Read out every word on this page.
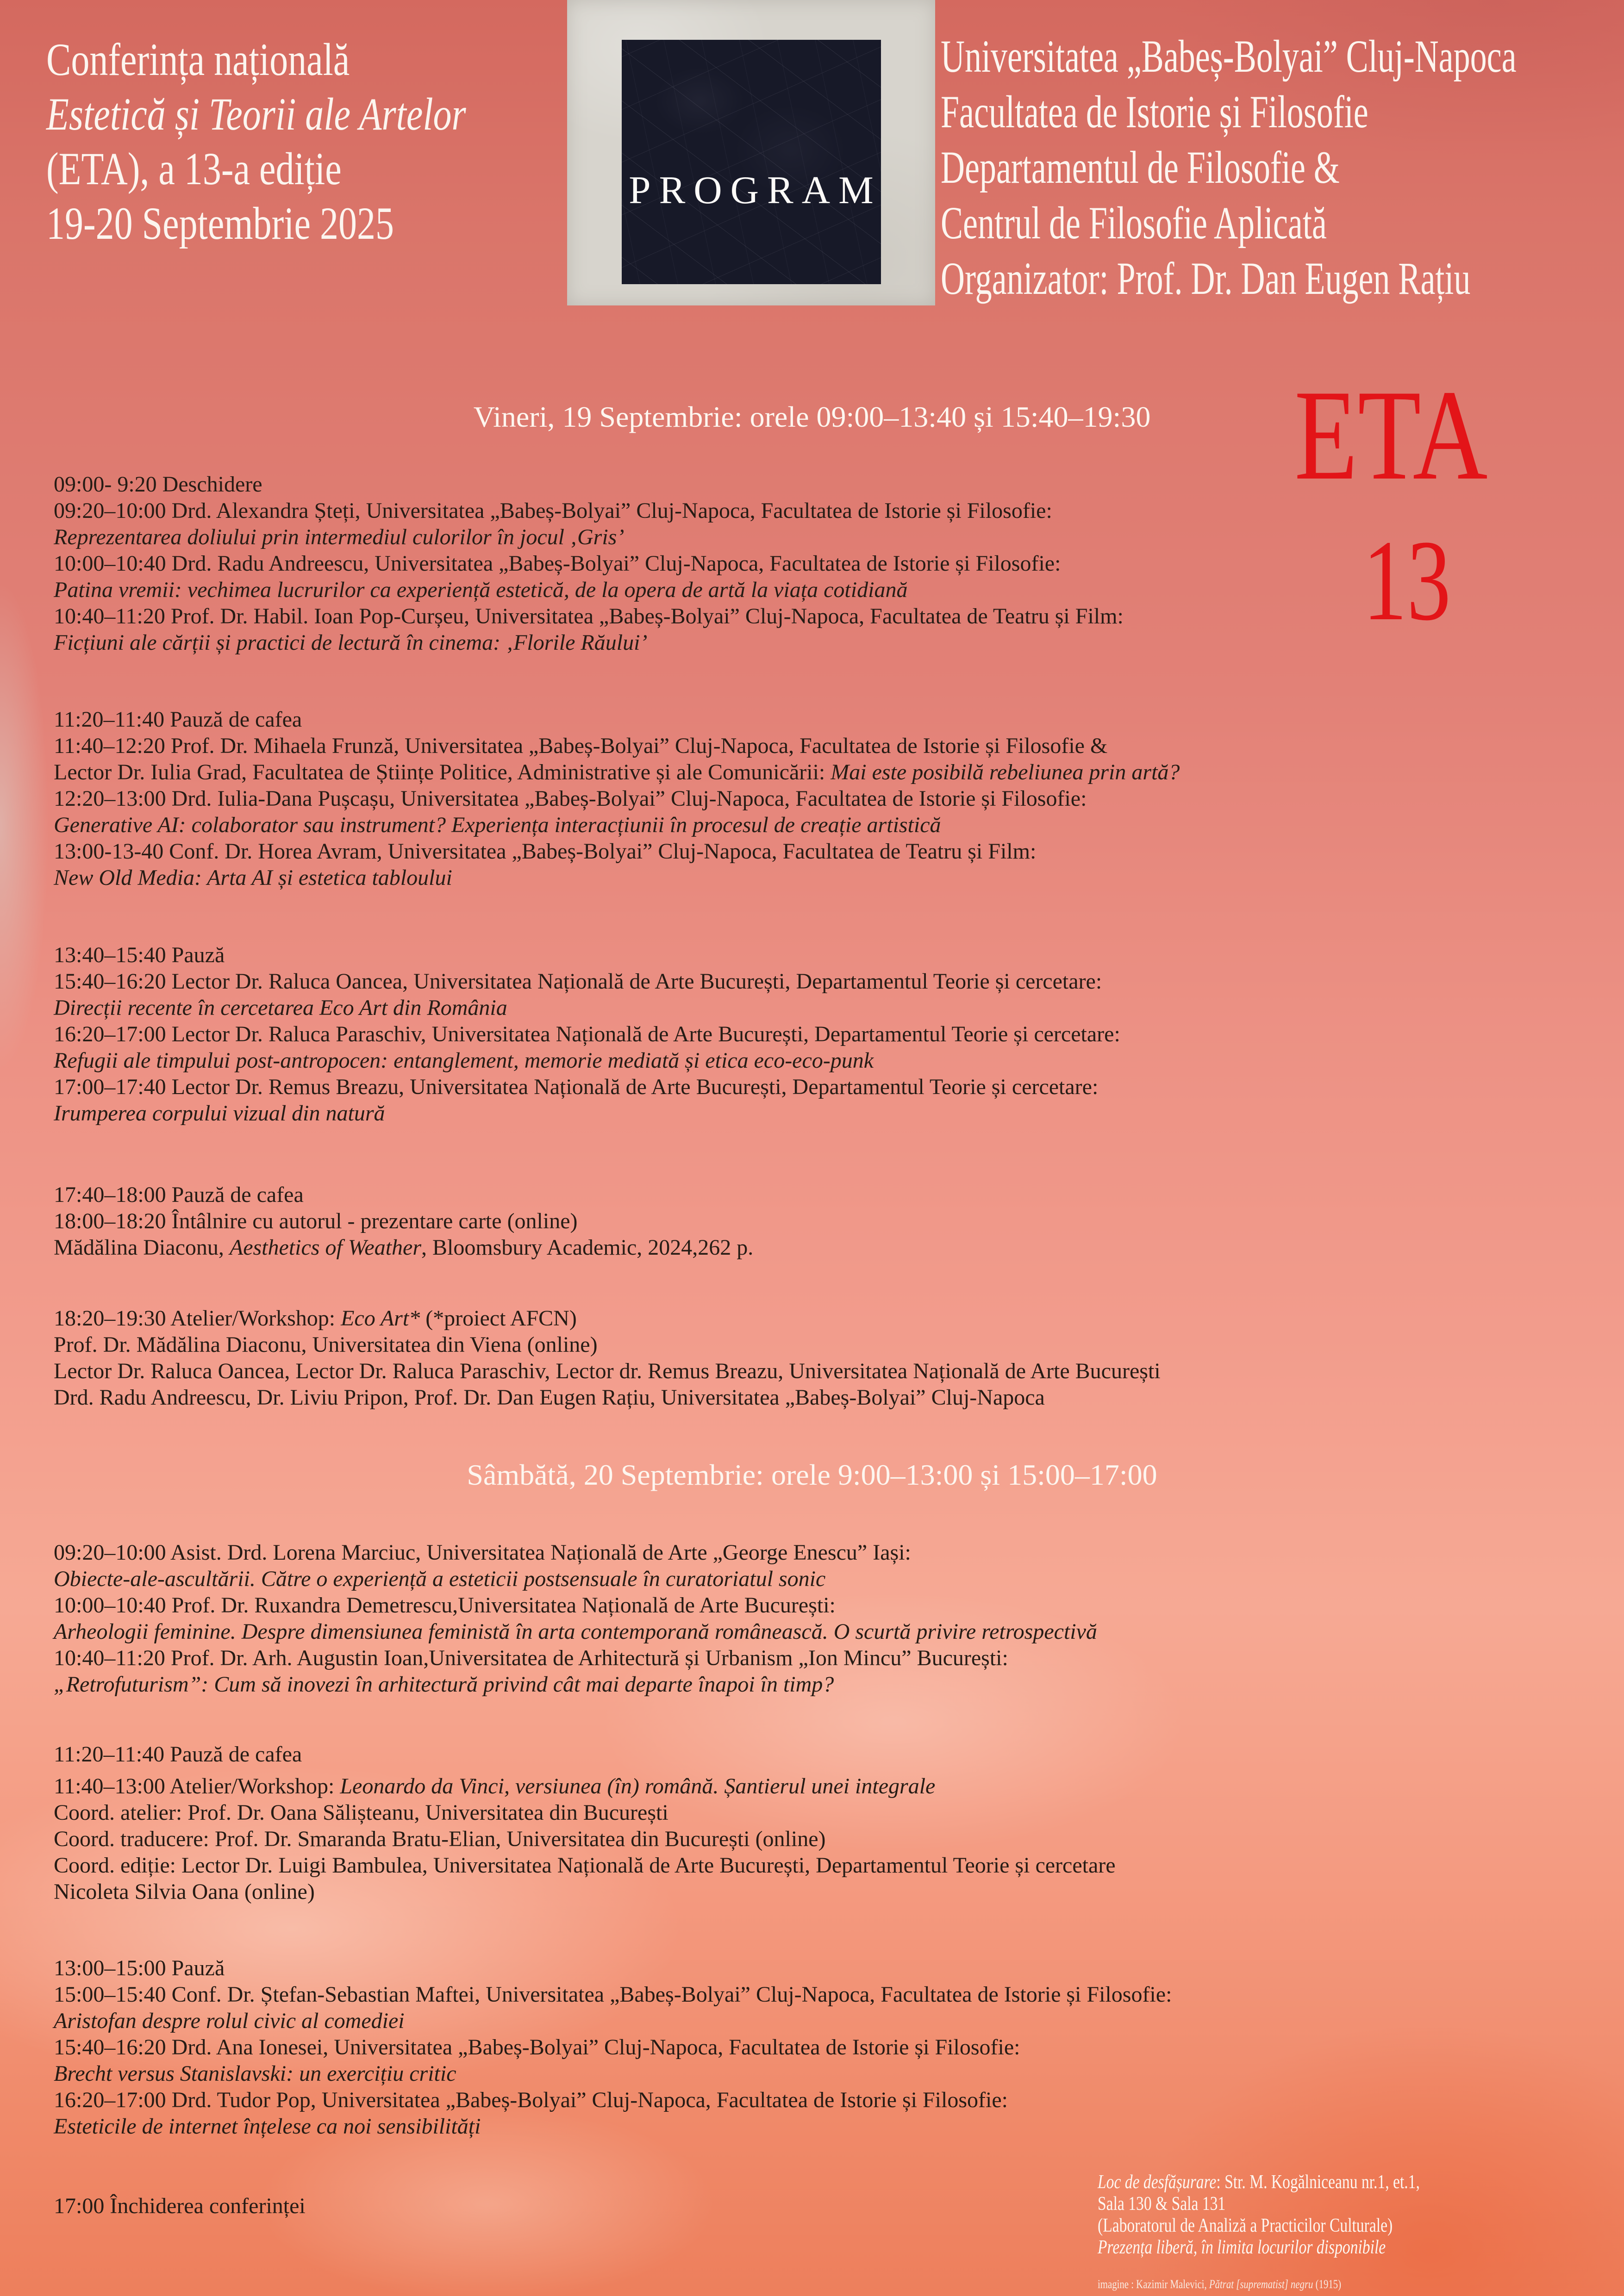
Conferința națională
Estetică și Teorii ale Artelor
(ETA), a 13-a ediție
19-20 Septembrie 2025
PROGRAM
Universitatea „Babeș-Bolyai” Cluj-Napoca
Facultatea de Istorie și Filosofie
Departamentul de Filosofie &
Centrul de Filosofie Aplicată
Organizator: Prof. Dr. Dan Eugen Rațiu
ETA
13
Vineri, 19 Septembrie: orele 09:00–13:40 și 15:40–19:30
Sâmbătă, 20 Septembrie: orele 9:00–13:00 și 15:00–17:00
17:00 Închiderea conferinței
Loc de desfășurare: Str. M. Kogălniceanu nr.1, et.1,
Sala 130 & Sala 131
(Laboratorul de Analiză a Practicilor Culturale)
Prezența liberă, în limita locurilor disponibile
imagine : Kazimir Malevici, Pătrat [suprematist] negru (1915)
09:00- 9:20 Deschidere
09:20–10:00 Drd. Alexandra Șteți, Universitatea „Babeș-Bolyai” Cluj-Napoca, Facultatea de Istorie și Filosofie:
Reprezentarea doliului prin intermediul culorilor în jocul ‚Gris’
10:00–10:40 Drd. Radu Andreescu, Universitatea „Babeș-Bolyai” Cluj-Napoca, Facultatea de Istorie și Filosofie:
Patina vremii: vechimea lucrurilor ca experiență estetică, de la opera de artă la viața cotidiană
10:40–11:20 Prof. Dr. Habil. Ioan Pop-Curșeu, Universitatea „Babeș-Bolyai” Cluj-Napoca, Facultatea de Teatru și Film:
Ficțiuni ale cărții și practici de lectură în cinema: ‚Florile Răului’
11:20–11:40 Pauză de cafea
11:40–12:20 Prof. Dr. Mihaela Frunză, Universitatea „Babeș-Bolyai” Cluj-Napoca, Facultatea de Istorie și Filosofie &
Lector Dr. Iulia Grad, Facultatea de Științe Politice, Administrative și ale Comunicării: Mai este posibilă rebeliunea prin artă?
12:20–13:00 Drd. Iulia-Dana Pușcașu, Universitatea „Babeș-Bolyai” Cluj-Napoca, Facultatea de Istorie și Filosofie:
Generative AI: colaborator sau instrument? Experiența interacțiunii în procesul de creație artistică
13:00-13-40 Conf. Dr. Horea Avram, Universitatea „Babeș-Bolyai” Cluj-Napoca, Facultatea de Teatru și Film:
New Old Media: Arta AI și estetica tabloului
13:40–15:40 Pauză
15:40–16:20 Lector Dr. Raluca Oancea, Universitatea Națională de Arte București, Departamentul Teorie și cercetare:
Direcții recente în cercetarea Eco Art din România
16:20–17:00 Lector Dr. Raluca Paraschiv, Universitatea Națională de Arte București, Departamentul Teorie și cercetare:
Refugii ale timpului post-antropocen: entanglement, memorie mediată și etica eco-eco-punk
17:00–17:40 Lector Dr. Remus Breazu, Universitatea Națională de Arte București, Departamentul Teorie și cercetare:
Irumperea corpului vizual din natură
17:40–18:00 Pauză de cafea
18:00–18:20 Întâlnire cu autorul - prezentare carte (online)
Mădălina Diaconu, Aesthetics of Weather, Bloomsbury Academic, 2024,262 p.
18:20–19:30 Atelier/Workshop: Eco Art* (*proiect AFCN)
Prof. Dr. Mădălina Diaconu, Universitatea din Viena (online)
Lector Dr. Raluca Oancea, Lector Dr. Raluca Paraschiv, Lector dr. Remus Breazu, Universitatea Națională de Arte București
Drd. Radu Andreescu, Dr. Liviu Pripon, Prof. Dr. Dan Eugen Rațiu, Universitatea „Babeș-Bolyai” Cluj-Napoca
09:20–10:00 Asist. Drd. Lorena Marciuc, Universitatea Națională de Arte „George Enescu” Iași:
Obiecte-ale-ascultării. Către o experiență a esteticii postsensuale în curatoriatul sonic
10:00–10:40 Prof. Dr. Ruxandra Demetrescu,Universitatea Națională de Arte București:
Arheologii feminine. Despre dimensiunea feministă în arta contemporană românească. O scurtă privire retrospectivă
10:40–11:20 Prof. Dr. Arh. Augustin Ioan,Universitatea de Arhitectură și Urbanism „Ion Mincu” București:
„Retrofuturism”: Cum să inovezi în arhitectură privind cât mai departe înapoi în timp?
11:20–11:40 Pauză de cafea
11:40–13:00 Atelier/Workshop: Leonardo da Vinci, versiunea (în) română. Șantierul unei integrale
Coord. atelier: Prof. Dr. Oana Sălișteanu, Universitatea din București
Coord. traducere: Prof. Dr. Smaranda Bratu-Elian, Universitatea din București (online)
Coord. ediție: Lector Dr. Luigi Bambulea, Universitatea Națională de Arte București, Departamentul Teorie și cercetare
Nicoleta Silvia Oana (online)
13:00–15:00 Pauză
15:00–15:40 Conf. Dr. Ștefan-Sebastian Maftei, Universitatea „Babeș-Bolyai” Cluj-Napoca, Facultatea de Istorie și Filosofie:
Aristofan despre rolul civic al comediei
15:40–16:20 Drd. Ana Ionesei, Universitatea „Babeș-Bolyai” Cluj-Napoca, Facultatea de Istorie și Filosofie:
Brecht versus Stanislavski: un exercițiu critic
16:20–17:00 Drd. Tudor Pop, Universitatea „Babeș-Bolyai” Cluj-Napoca, Facultatea de Istorie și Filosofie:
Esteticile de internet înțelese ca noi sensibilități
